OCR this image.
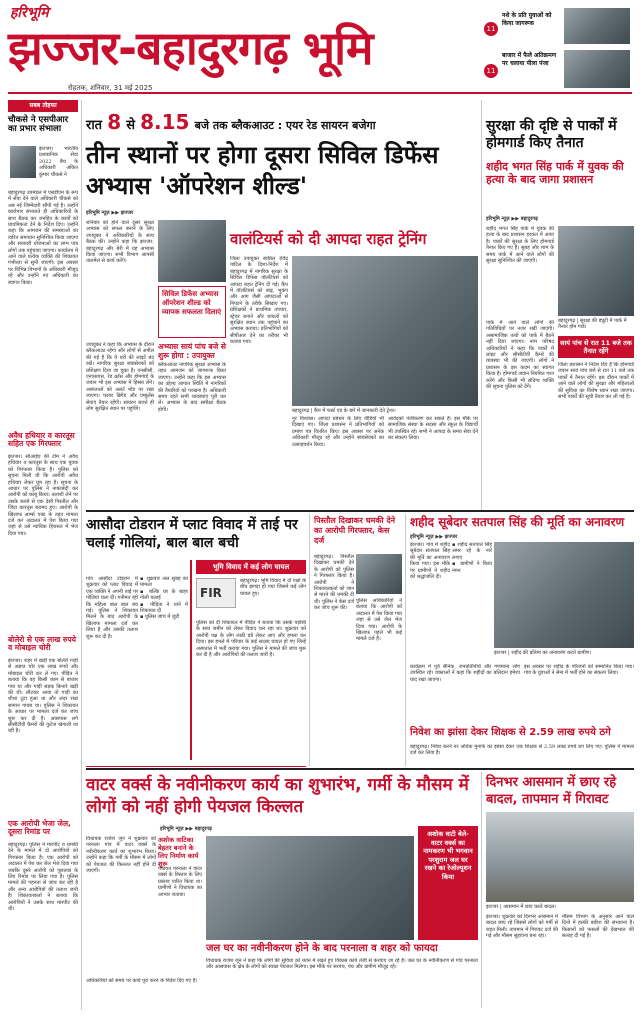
हरिभूमि
झज्जर-बहादुरगढ़ भूमि
रोहतक, शनिवार, 31 मई 2025
11
नशे के प्रति युवाओं को किया जागरूक
11
बाजार में फैले अतिक्रमण पर चलाया पीला पंजा
सबब तोहफा
चौकसे ने एसपीआर का प्रभार संभाला
झज्जर। भारतीय प्रशासनिक सेवा 2022 बैच के अधिकारी अंकित कुमार चौकसे ने
बहादुरगढ़ उपमंडल में एसडीएम के रूप में सेवा देने वाले अधिकारी चौकसे को अब नई जिम्मेदारी सौंपी गई है। उन्होंने कार्यभार संभालते ही अधिकारियों के साथ बैठक कर जनहित के कार्यों को प्राथमिकता देने के निर्देश दिए। उन्होंने कहा कि आमजन की समस्याओं का त्वरित समाधान सुनिश्चित किया जाएगा और सरकारी योजनाओं का लाभ पात्र लोगों तक पहुंचाया जाएगा। कार्यालय में आने वाले प्रत्येक व्यक्ति की शिकायत गंभीरता से सुनी जाएगी। इस अवसर पर विभिन्न विभागों के अधिकारी मौजूद रहे और उन्होंने नए अधिकारी का स्वागत किया।
अवैध हथियार व कारतूस सहित एक गिरफ्तार
झज्जर। सीआईए की टीम ने अवैध हथियार व कारतूस के साथ एक युवक को गिरफ्तार किया है। पुलिस को सूचना मिली थी कि आरोपी अवैध हथियार लेकर घूम रहा है। सूचना के आधार पर पुलिस ने नाकाबंदी कर आरोपी को काबू किया। तलाशी लेने पर उसके कब्जे से एक देसी पिस्तौल और जिंदा कारतूस बरामद हुए। आरोपी के खिलाफ आर्म्स एक्ट के तहत मामला दर्ज कर अदालत में पेश किया गया जहां से उसे न्यायिक हिरासत में भेज दिया गया।
बोलेरो से एक लाख रुपये व मोबाइल चोरी
झज्जर। शहर में खड़ी एक बोलेरो गाड़ी से अज्ञात चोर एक लाख रुपये और मोबाइल चोरी कर ले गए। पीड़ित ने बताया कि वह किसी काम से बाजार गया था और गाड़ी सड़क किनारे खड़ी की थी। लौटकर आया तो गाड़ी का शीशा टूटा हुआ था और अंदर रखा सामान गायब था। पुलिस ने शिकायत के आधार पर मामला दर्ज कर जांच शुरू कर दी है। आसपास लगे सीसीटीवी कैमरों की फुटेज खंगाली जा रही है।
एक आरोपी भेजा जेल, दूसरा रिमांड पर
बहादुरगढ़। पुलिस ने मारपीट व धमकी देने के मामले में दो आरोपियों को गिरफ्तार किया है। एक आरोपी को अदालत में पेश कर जेल भेज दिया गया जबकि दूसरे आरोपी को पूछताछ के लिए रिमांड पर लिया गया है। पुलिस मामले की गहनता से जांच कर रही है और अन्य आरोपियों की तलाश जारी है। शिकायतकर्ता ने बताया कि आरोपियों ने उसके साथ मारपीट की थी।
रात 8 से 8.15 बजे तक ब्लैकआउट : एयर रेड सायरन बजेगा
तीन स्थानों पर होगा दूसरा सिविल डिफेंस अभ्यास 'ऑपरेशन शील्ड'
हरिभूमि न्यूज़ ▶▶ झज्जर
शनिवार को होने वाले दूसरे सुरक्षा अभ्यास को सफल बनाने के लिए उपायुक्त ने अधिकारियों के साथ बैठक की। उन्होंने कहा कि झज्जर, बहादुरगढ़ और बेरी में यह अभ्यास किया जाएगा। सभी विभाग आपसी तालमेल से कार्य करेंगे।
सिविल डिफेंस अभ्यास ऑपरेशन शील्ड को व्यापक सफलता दिलाएं
अभ्यास सायं पांच बजे से शुरू होगा : उपायुक्त
उपायुक्त ने कहा कि अभ्यास के दौरान ब्लैकआउट रहेगा और लोगों से अपील की गई है कि वे घरों की लाइटें बंद रखें। नागरिक सुरक्षा स्वयंसेवकों को प्रशिक्षण दिया जा चुका है। एनसीसी, एनएसएस, रेड क्रॉस और होमगार्ड के जवान भी इस अभ्यास में हिस्सा लेंगे। अस्पतालों को अलर्ट मोड पर रखा जाएगा। फायर ब्रिगेड और एम्बुलेंस सेवाएं तैयार रहेंगी। सायरन बजते ही लोग सुरक्षित स्थान पर पहुंचेंगे।
ब्लैकआउट नागरिक सुरक्षा अभ्यास के तहत आमजन को जागरूक किया जाएगा। उन्होंने कहा कि इस अभ्यास का उद्देश्य आपात स्थिति में नागरिकों की तैयारियों को परखना है। अधिकारी समय रहते सभी व्यवस्थाएं पूरी कर लें। अभ्यास के बाद समीक्षा बैठक होगी।
वालंटियर्स को दी आपदा राहत ट्रेनिंग
जिला उपायुक्त स्वप्निल रविंद्र पाटिल के दिशा-निर्देश में बहादुरगढ़ में नागरिक सुरक्षा के सिविल डिफेंस वॉलंटियर्स को आपदा राहत ट्रेनिंग दी गई। कैंप में वॉलंटियर्स को बाढ़, भूकंप और आग जैसी आपदाओं से निपटने के तरीके सिखाए गए। प्रशिक्षकों ने प्राथमिक उपचार, स्ट्रेचर बनाने और घायलों को सुरक्षित स्थान तक पहुंचाने का अभ्यास कराया। प्रतिभागियों को सीपीआर देने का तरीका भी बताया गया।
बहादुरगढ़ | कैंप में फर्स्ट एड के बारे में जानकारी देते ट्रेनर।
नूर विश्वास। आपदा प्रबंधन के लिए वीडियो भी दिखाए गए। जिला प्रशासन ने प्रतिभागियों को प्रमाण पत्र वितरित किए। इस अवसर पर अनेक अधिकारी मौजूद रहे और उन्होंने स्वयंसेवकों का उत्साहवर्धन किया।
आवेदकों पंजीकरण कर सकते हैं। इस मौके पर सामाजिक संस्था के सदस्य और स्कूल के विद्यार्थी भी उपस्थित रहे। सभी ने आपदा के समय सेवा देने का संकल्प लिया।
सुरक्षा की दृष्टि से पार्कों में होमगार्ड किए तैनात
शहीद भगत सिंह पार्क में युवक की हत्या के बाद जागा प्रशासन
हरिभूमि न्यूज़ ▶▶ बहादुरगढ़
शहीद भगत सिंह पार्क में युवक की हत्या के बाद प्रशासन हरकत में आया है। पार्कों की सुरक्षा के लिए होमगार्ड तैनात किए गए हैं। सुबह और शाम के समय पार्क में आने वाले लोगों की सुरक्षा सुनिश्चित की जाएगी।
बहादुरगढ़ | सुरक्षा की ड्यूटी में पार्क में तैनात होम गार्ड।
पार्क में आने वाले लोगों की गतिविधियों पर नजर रखी जाएगी। असामाजिक तत्वों को पार्क में बैठने नहीं दिया जाएगा। नगर परिषद अधिकारियों ने कहा कि पार्कों में लाइट और सीसीटीवी कैमरे की व्यवस्था भी की जाएगी। लोगों ने प्रशासन के इस कदम का स्वागत किया है। होमगार्ड जवान नियमित गश्त करेंगे और किसी भी संदिग्ध व्यक्ति की सूचना पुलिस को देंगे।
सायं पांच से रात 11 बजे तक तैनात रहेंगे
जिला प्रशासन ने निर्देश दिए हैं कि होमगार्ड जवान सायं पांच बजे से रात 11 बजे तक पार्कों में तैनात रहेंगे। इस दौरान पार्कों में आने वाले लोगों की सुरक्षा और महिलाओं की सुविधा का विशेष ध्यान रखा जाएगा। सभी पार्कों की सूची तैयार कर ली गई है।
आसौदा टोडरान में प्लाट विवाद में ताई पर चलाई गोलियां, बाल बाल बची
गांव आसौदा टोडरान में शुक्रवार को प्लाट विवाद में एक व्यक्ति ने अपनी ताई पर गोलियां चला दीं। गनीमत रही कि महिला बाल बाल बच गई। पुलिस ने शिकायत मिलने के बाद आरोपी के खिलाफ मामला दर्ज कर लिया है और उसकी तलाश शुरू कर दी है।
▪ शुक्रवार अल सुबह का मामला
▪ बल्कि घर के बाहर गोली चलाई
▪ पीड़िता ने थाने में शिकायत दी
▪ पुलिस जांच में जुटी
भूमि विवाद में कई लोग घायल
FIR
बहादुरगढ़। भूमि विवाद में दो पक्षों के बीच झगड़ा हो गया जिसमें कई लोग घायल हुए।
पुलिस को दी शिकायत में पीड़ित ने बताया कि उसके पड़ोसी के साथ जमीन को लेकर विवाद चल रहा था। शुक्रवार को आरोपी पक्ष के लोग लाठी डंडे लेकर आए और हमला कर दिया। इस हमले में परिवार के कई सदस्य घायल हो गए जिन्हें अस्पताल में भर्ती कराया गया। पुलिस ने मामले की जांच शुरू कर दी है और आरोपियों की तलाश जारी है।
पिस्तौल दिखाकर धमकी देने का आरोपी गिरफ्तार, केस दर्ज
बहादुरगढ़। पिस्तौल दिखाकर धमकी देने के आरोपी को पुलिस ने गिरफ्तार किया है। आरोपी ने शिकायतकर्ता को जान से मारने की धमकी दी थी। पुलिस ने केस दर्ज कर जांच शुरू की।
पुलिस अधिकारियों ने बताया कि आरोपी को अदालत में पेश किया गया जहां से उसे जेल भेज दिया गया। आरोपी के खिलाफ पहले भी कई मामले दर्ज हैं।
शहीद सूबेदार सतपाल सिंह की मूर्ति का अनावरण
हरिभूमि न्यूज़ ▶▶ झज्जर
झज्जर। गांव में शहीद सूबेदार सतपाल सिंह की मूर्ति का अनावरण किया गया। इस मौके पर ग्रामीणों ने शहीद को श्रद्धांजलि दी।
▪ शहीद सतपाल सिंह अमर रहे के नारे लगाए
▪ ग्रामीणों ने किया नमन
झज्जर | शहीद की प्रतिमा का अनावरण करते ग्रामीण।
कार्यक्रम में पूर्व सैनिक, जनप्रतिनिधि और गणमान्य लोग उपस्थित रहे। वक्ताओं ने कहा कि शहीदों का बलिदान हमेशा याद रखा जाएगा।
इस अवसर पर शहीद के परिजनों को सम्मानित किया गया। गांव के युवाओं ने सेना में भर्ती होने का संकल्प लिया।
निवेश का झांसा देकर शिक्षक से 2.59 लाख रुपये ठगे
बहादुरगढ़। निवेश करने पर अधिक मुनाफे का झांसा देकर एक शिक्षक से 2.59 लाख रुपये ठग लिए गए। पुलिस ने मामला दर्ज कर लिया है।
वाटर वर्क्स के नवीनीकरण कार्य का शुभारंभ, गर्मी के मौसम में लोगों को नहीं होगी पेयजल किल्लत
हरिभूमि न्यूज़ ▶▶ बहादुरगढ़
विधायक राजेश जून ने शुक्रवार को परनाला गांव में वाटर वर्क्स के नवीनीकरण कार्य का शुभारंभ किया। उन्होंने कहा कि गर्मी के मौसम में लोगों को पेयजल की किल्लत नहीं होने दी जाएगी।
अशोक वाटिका बेहतर बनाने के लिए निर्माण कार्य शुरू
पंचायत परनाला ने वाटर वर्क्स के विस्तार के लिए प्रस्ताव पारित किया था। ग्रामीणों ने विधायक का आभार जताया।
अशोक वाटी बेले-वाटर वर्क्स का नामकरण भी भगवान परशुराम जल घर रखने का रेजोल्यूशन किया
जल घर का नवीनीकरण होने के बाद परनाला व शहर को फायदा
विधायक राजेश जून ने कहा कि लोगों की सुविधा को ध्यान में रखते हुए विकास कार्य तेजी से करवाए जा रहे हैं। जल घर के नवीनीकरण से गांव परनाला और आसपास के क्षेत्र के लोगों को स्वच्छ पेयजल मिलेगा। इस मौके पर सरपंच, पंच और ग्रामीण मौजूद रहे।
अधिकारियों को समय पर कार्य पूरा करने के निर्देश दिए गए हैं।
दिनभर आसमान में छाए रहे बादल, तापमान में गिरावट
झज्जर | आसमान में छाए काले बादल।
झज्जर। शुक्रवार को दिनभर आसमान में बादल छाए रहे जिससे लोगों को गर्मी से राहत मिली। तापमान में गिरावट दर्ज की गई और मौसम सुहावना बना रहा।
मौसम विभाग के अनुसार आने वाले दिनों में हल्की बारिश की संभावना है। किसानों को फसलों की देखभाल की सलाह दी गई है।
